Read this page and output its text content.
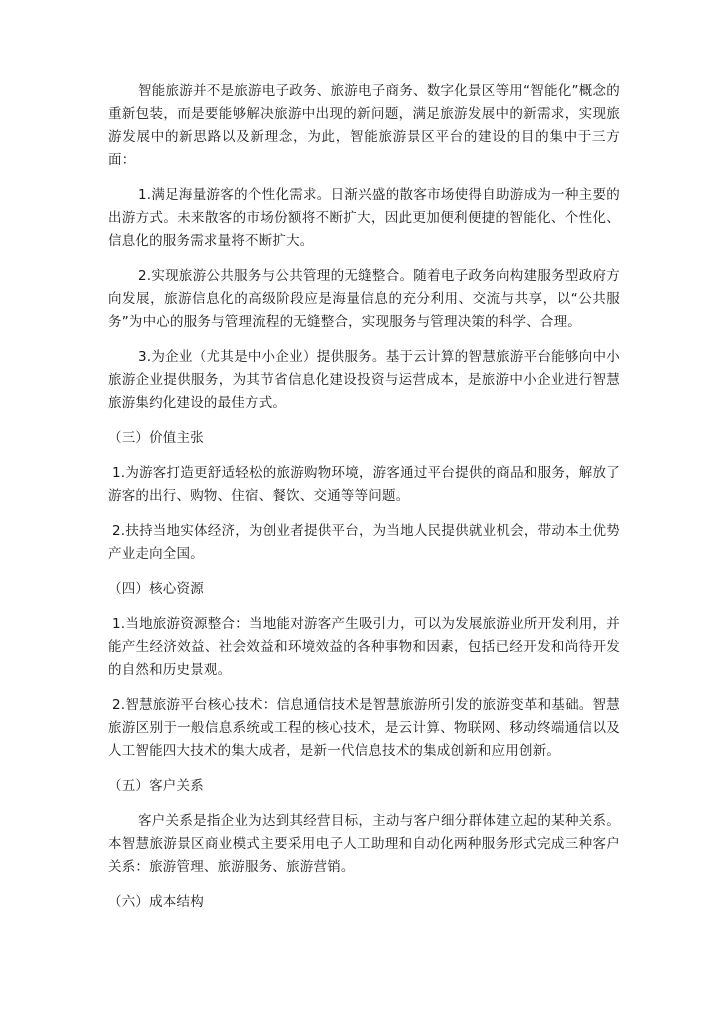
智能旅游并不是旅游电子政务、旅游电子商务、数字化景区等用“智能化”概念的重新包装，而是要能够解决旅游中出现的新问题，满足旅游发展中的新需求，实现旅游发展中的新思路以及新理念，为此，智能旅游景区平台的建设的目的集中于三方面：

1.满足海量游客的个性化需求。日渐兴盛的散客市场使得自助游成为一种主要的出游方式。未来散客的市场份额将不断扩大，因此更加便利便捷的智能化、个性化、信息化的服务需求量将不断扩大。

2.实现旅游公共服务与公共管理的无缝整合。随着电子政务向构建服务型政府方向发展，旅游信息化的高级阶段应是海量信息的充分利用、交流与共享，以“公共服务”为中心的服务与管理流程的无缝整合，实现服务与管理决策的科学、合理。

3.为企业（尤其是中小企业）提供服务。基于云计算的智慧旅游平台能够向中小旅游企业提供服务，为其节省信息化建设投资与运营成本，是旅游中小企业进行智慧旅游集约化建设的最佳方式。

（三）价值主张

1.为游客打造更舒适轻松的旅游购物环境，游客通过平台提供的商品和服务，解放了游客的出行、购物、住宿、餐饮、交通等等问题。

2.扶持当地实体经济，为创业者提供平台，为当地人民提供就业机会，带动本土优势产业走向全国。

（四）核心资源

1.当地旅游资源整合：当地能对游客产生吸引力，可以为发展旅游业所开发利用，并能产生经济效益、社会效益和环境效益的各种事物和因素，包括已经开发和尚待开发的自然和历史景观。

2.智慧旅游平台核心技术：信息通信技术是智慧旅游所引发的旅游变革和基础。智慧旅游区别于一般信息系统或工程的核心技术，是云计算、物联网、移动终端通信以及人工智能四大技术的集大成者，是新一代信息技术的集成创新和应用创新。

（五）客户关系

客户关系是指企业为达到其经营目标，主动与客户细分群体建立起的某种关系。本智慧旅游景区商业模式主要采用电子人工助理和自动化两种服务形式完成三种客户关系：旅游管理、旅游服务、旅游营销。

（六）成本结构
